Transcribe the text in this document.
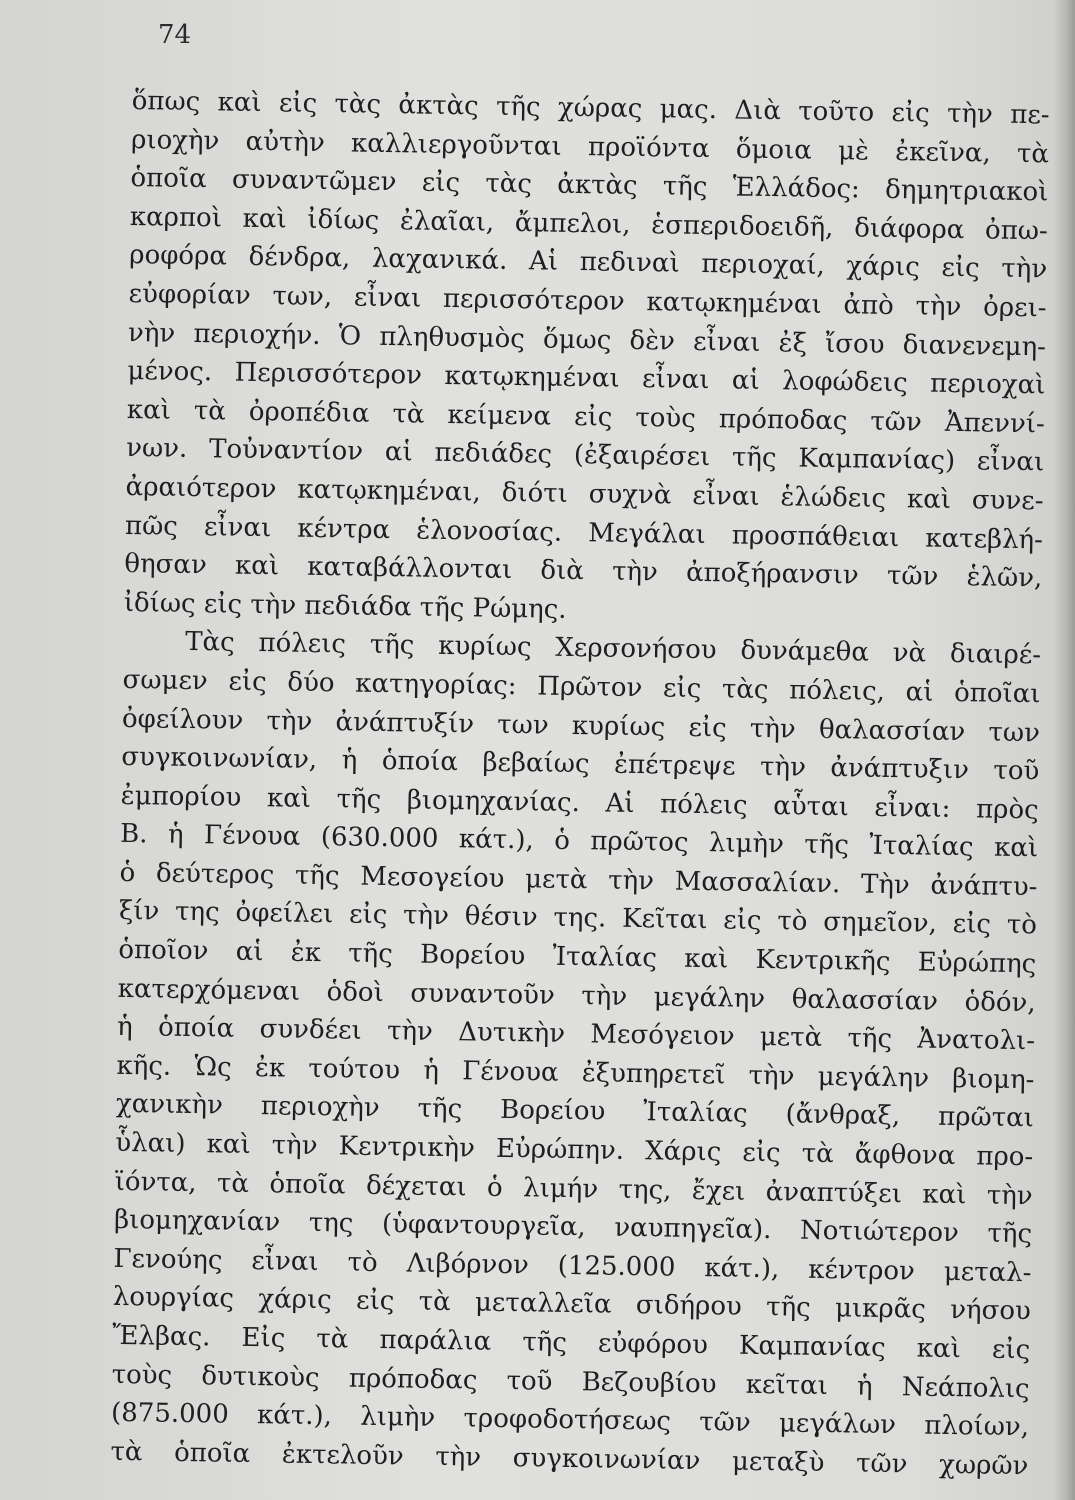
74
ὅπως καὶ εἰς τὰς ἀκτὰς τῆς χώρας μας. Διὰ τοῦτο εἰς τὴν πε-
ριοχὴν αὐτὴν καλλιεργοῦνται προϊόντα ὅμοια μὲ ἐκεῖνα, τὰ
ὁποῖα συναντῶμεν εἰς τὰς ἀκτὰς τῆς Ἑλλάδος: δημητριακοὶ
καρποὶ καὶ ἰδίως ἐλαῖαι, ἄμπελοι, ἑσπεριδοειδῆ, διάφορα ὀπω-
ροφόρα δένδρα, λαχανικά. Αἱ πεδιναὶ περιοχαί, χάρις εἰς τὴν
εὐφορίαν των, εἶναι περισσότερον κατῳκημέναι ἀπὸ τὴν ὀρει-
νὴν περιοχήν. Ὁ πληθυσμὸς ὅμως δὲν εἶναι ἐξ ἴσου διανενεμη-
μένος. Περισσότερον κατῳκημέναι εἶναι αἱ λοφώδεις περιοχαὶ
καὶ τὰ ὀροπέδια τὰ κείμενα εἰς τοὺς πρόποδας τῶν Ἀπεννί-
νων. Τοὐναντίον αἱ πεδιάδες (ἐξαιρέσει τῆς Καμπανίας) εἶναι
ἀραιότερον κατῳκημέναι, διότι συχνὰ εἶναι ἑλώδεις καὶ συνε-
πῶς εἶναι κέντρα ἑλονοσίας. Μεγάλαι προσπάθειαι κατεβλή-
θησαν καὶ καταβάλλονται διὰ τὴν ἀποξήρανσιν τῶν ἑλῶν,
ἰδίως εἰς τὴν πεδιάδα τῆς Ρώμης.
Τὰς πόλεις τῆς κυρίως Χερσονήσου δυνάμεθα νὰ διαιρέ-
σωμεν εἰς δύο κατηγορίας: Πρῶτον εἰς τὰς πόλεις, αἱ ὁποῖαι
ὀφείλουν τὴν ἀνάπτυξίν των κυρίως εἰς τὴν θαλασσίαν των
συγκοινωνίαν, ἡ ὁποία βεβαίως ἐπέτρεψε τὴν ἀνάπτυξιν τοῦ
ἐμπορίου καὶ τῆς βιομηχανίας. Αἱ πόλεις αὗται εἶναι: πρὸς
Β. ἡ Γένουα (630.000 κάτ.), ὁ πρῶτος λιμὴν τῆς Ἰταλίας καὶ
ὁ δεύτερος τῆς Μεσογείου μετὰ τὴν Μασσαλίαν. Τὴν ἀνάπτυ-
ξίν της ὀφείλει εἰς τὴν θέσιν της. Κεῖται εἰς τὸ σημεῖον, εἰς τὸ
ὁποῖον αἱ ἐκ τῆς Βορείου Ἰταλίας καὶ Κεντρικῆς Εὐρώπης
κατερχόμεναι ὁδοὶ συναντοῦν τὴν μεγάλην θαλασσίαν ὁδόν,
ἡ ὁποία συνδέει τὴν Δυτικὴν Μεσόγειον μετὰ τῆς Ἀνατολι-
κῆς. Ὡς ἐκ τούτου ἡ Γένουα ἐξυπηρετεῖ τὴν μεγάλην βιομη-
χανικὴν περιοχὴν τῆς Βορείου Ἰταλίας (ἄνθραξ, πρῶται
ὗλαι) καὶ τὴν Κεντρικὴν Εὐρώπην. Χάρις εἰς τὰ ἄφθονα προ-
ϊόντα, τὰ ὁποῖα δέχεται ὁ λιμήν της, ἔχει ἀναπτύξει καὶ τὴν
βιομηχανίαν της (ὑφαντουργεῖα, ναυπηγεῖα). Νοτιώτερον τῆς
Γενούης εἶναι τὸ Λιβόρνον (125.000 κάτ.), κέντρον μεταλ-
λουργίας χάρις εἰς τὰ μεταλλεῖα σιδήρου τῆς μικρᾶς νήσου
Ἔλβας. Εἰς τὰ παράλια τῆς εὐφόρου Καμπανίας καὶ εἰς
τοὺς δυτικοὺς πρόποδας τοῦ Βεζουβίου κεῖται ἡ Νεάπολις
(875.000 κάτ.), λιμὴν τροφοδοτήσεως τῶν μεγάλων πλοίων,
τὰ ὁποῖα ἐκτελοῦν τὴν συγκοινωνίαν μεταξὺ τῶν χωρῶν
